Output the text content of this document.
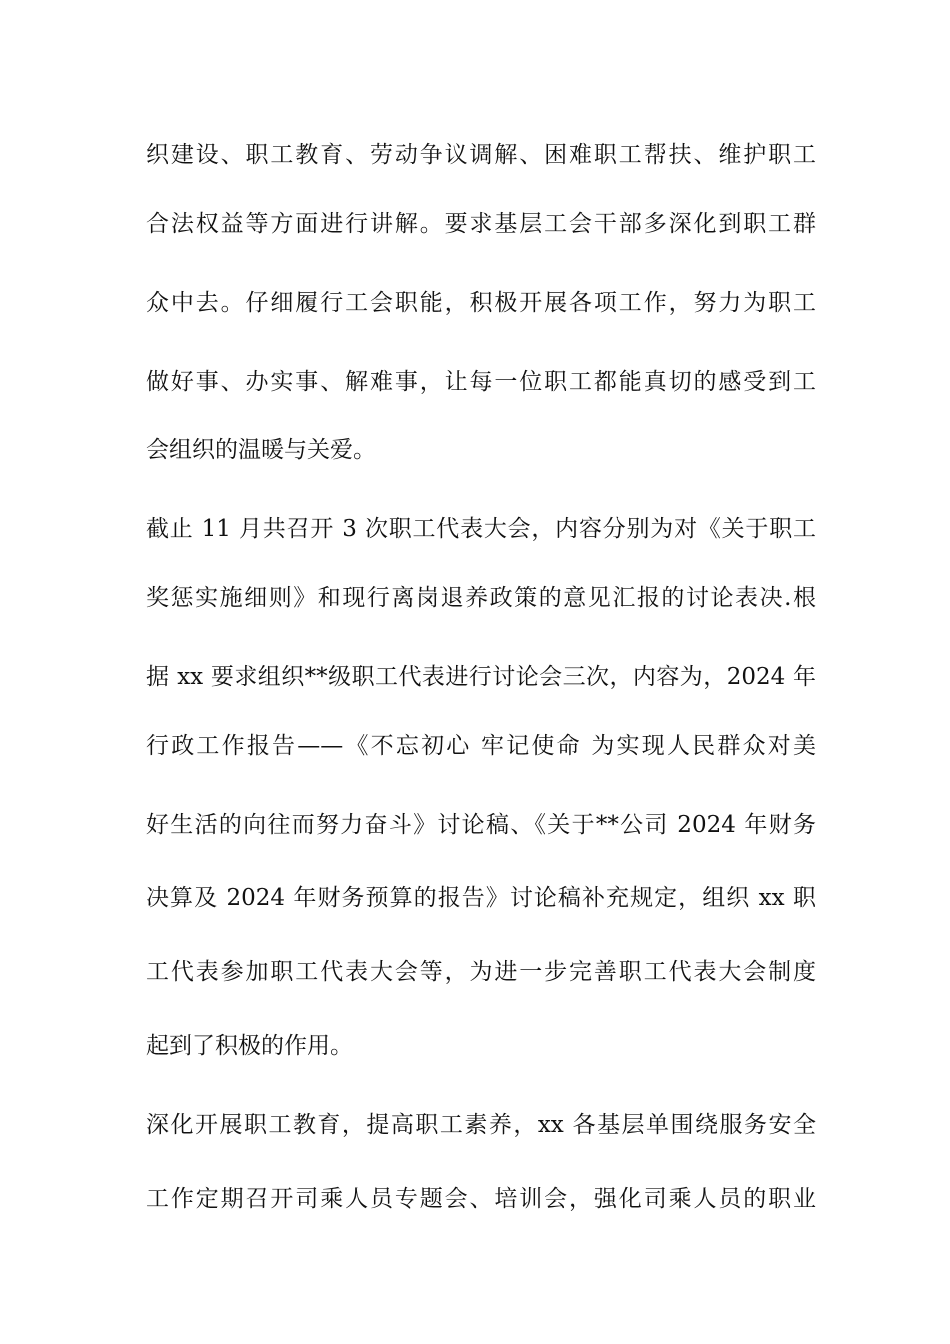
织建设、职工教育、劳动争议调解、困难职工帮扶、维护职工
合法权益等方面进行讲解。要求基层工会干部多深化到职工群
众中去。仔细履行工会职能，积极开展各项工作，努力为职工
做好事、办实事、解难事，让每一位职工都能真切的感受到工
会组织的温暖与关爱。
截止 11 月共召开 3 次职工代表大会，内容分别为对《关于职工
奖惩实施细则》和现行离岗退养政策的意见汇报的讨论表决.根
据 xx 要求组织**级职工代表进行讨论会三次，内容为，2024 年
行政工作报告——《不忘初心 牢记使命 为实现人民群众对美
好生活的向往而努力奋斗》讨论稿、《关于**公司 2024 年财务
决算及 2024 年财务预算的报告》讨论稿补充规定，组织 xx 职
工代表参加职工代表大会等，为进一步完善职工代表大会制度
起到了积极的作用。
深化开展职工教育，提高职工素养，xx 各基层单围绕服务安全
工作定期召开司乘人员专题会、培训会，强化司乘人员的职业
